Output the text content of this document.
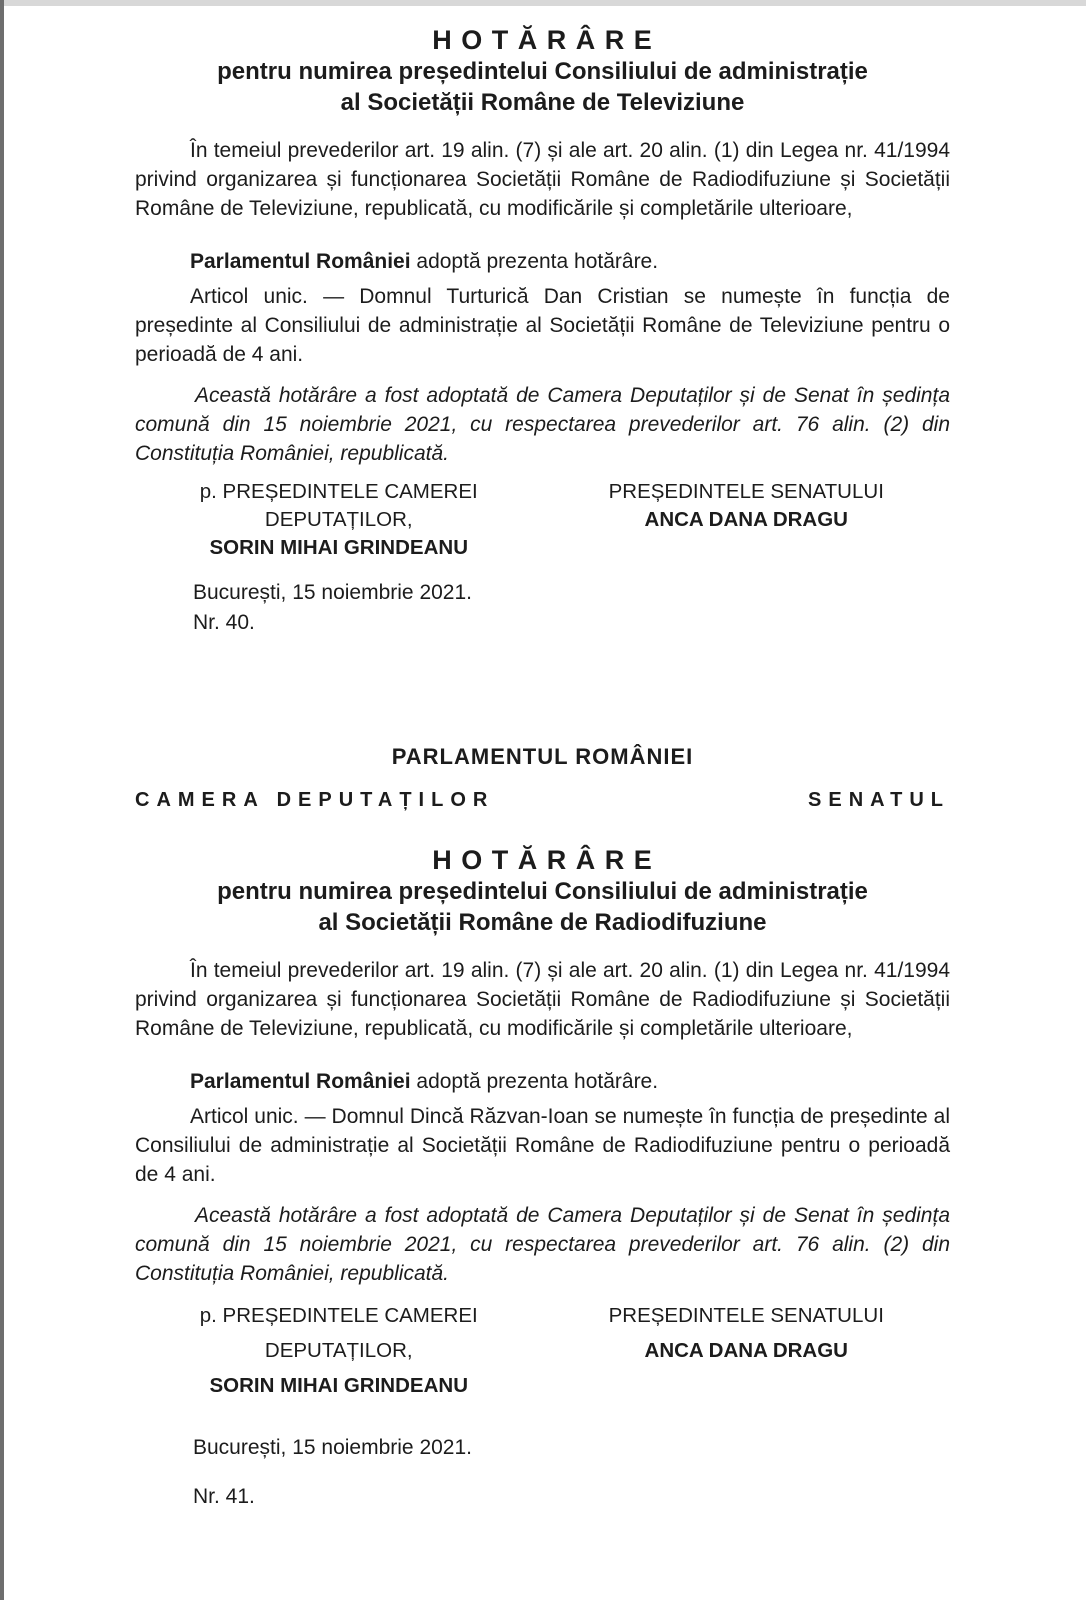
H O T Ă R Â R E
pentru numirea președintelui Consiliului de administrație
al Societății Române de Televiziune

În temeiul prevederilor art. 19 alin. (7) și ale art. 20 alin. (1) din Legea nr. 41/1994 privind organizarea și funcționarea Societății Române de Radiodifuziune și Societății Române de Televiziune, republicată, cu modificările și completările ulterioare,

Parlamentul României adoptă prezenta hotărâre.

Articol unic. — Domnul Turturică Dan Cristian se numește în funcția de președinte al Consiliului de administrație al Societății Române de Televiziune pentru o perioadă de 4 ani.

Această hotărâre a fost adoptată de Camera Deputaților și de Senat în ședința comună din 15 noiembrie 2021, cu respectarea prevederilor art. 76 alin. (2) din Constituția României, republicată.

p. PREȘEDINTELE CAMEREI
DEPUTAȚILOR,
SORIN MIHAI GRINDEANU
PREȘEDINTELE SENATULUI
ANCA DANA DRAGU

București, 15 noiembrie 2021.

Nr. 40.

PARLAMENTUL ROMÂNIEI
CAMERA DEPUTAȚILOR	SENATUL
H O T Ă R Â R E
pentru numirea președintelui Consiliului de administrație
al Societății Române de Radiodifuziune

În temeiul prevederilor art. 19 alin. (7) și ale art. 20 alin. (1) din Legea nr. 41/1994 privind organizarea și funcționarea Societății Române de Radiodifuziune și Societății Române de Televiziune, republicată, cu modificările și completările ulterioare,

Parlamentul României adoptă prezenta hotărâre.

Articol unic. — Domnul Dincă Răzvan-Ioan se numește în funcția de președinte al Consiliului de administrație al Societății Române de Radiodifuziune pentru o perioadă de 4 ani.

Această hotărâre a fost adoptată de Camera Deputaților și de Senat în ședința comună din 15 noiembrie 2021, cu respectarea prevederilor art. 76 alin. (2) din Constituția României, republicată.

p. PREȘEDINTELE CAMEREI
DEPUTAȚILOR,
SORIN MIHAI GRINDEANU
PREȘEDINTELE SENATULUI
ANCA DANA DRAGU

București, 15 noiembrie 2021.

Nr. 41.
